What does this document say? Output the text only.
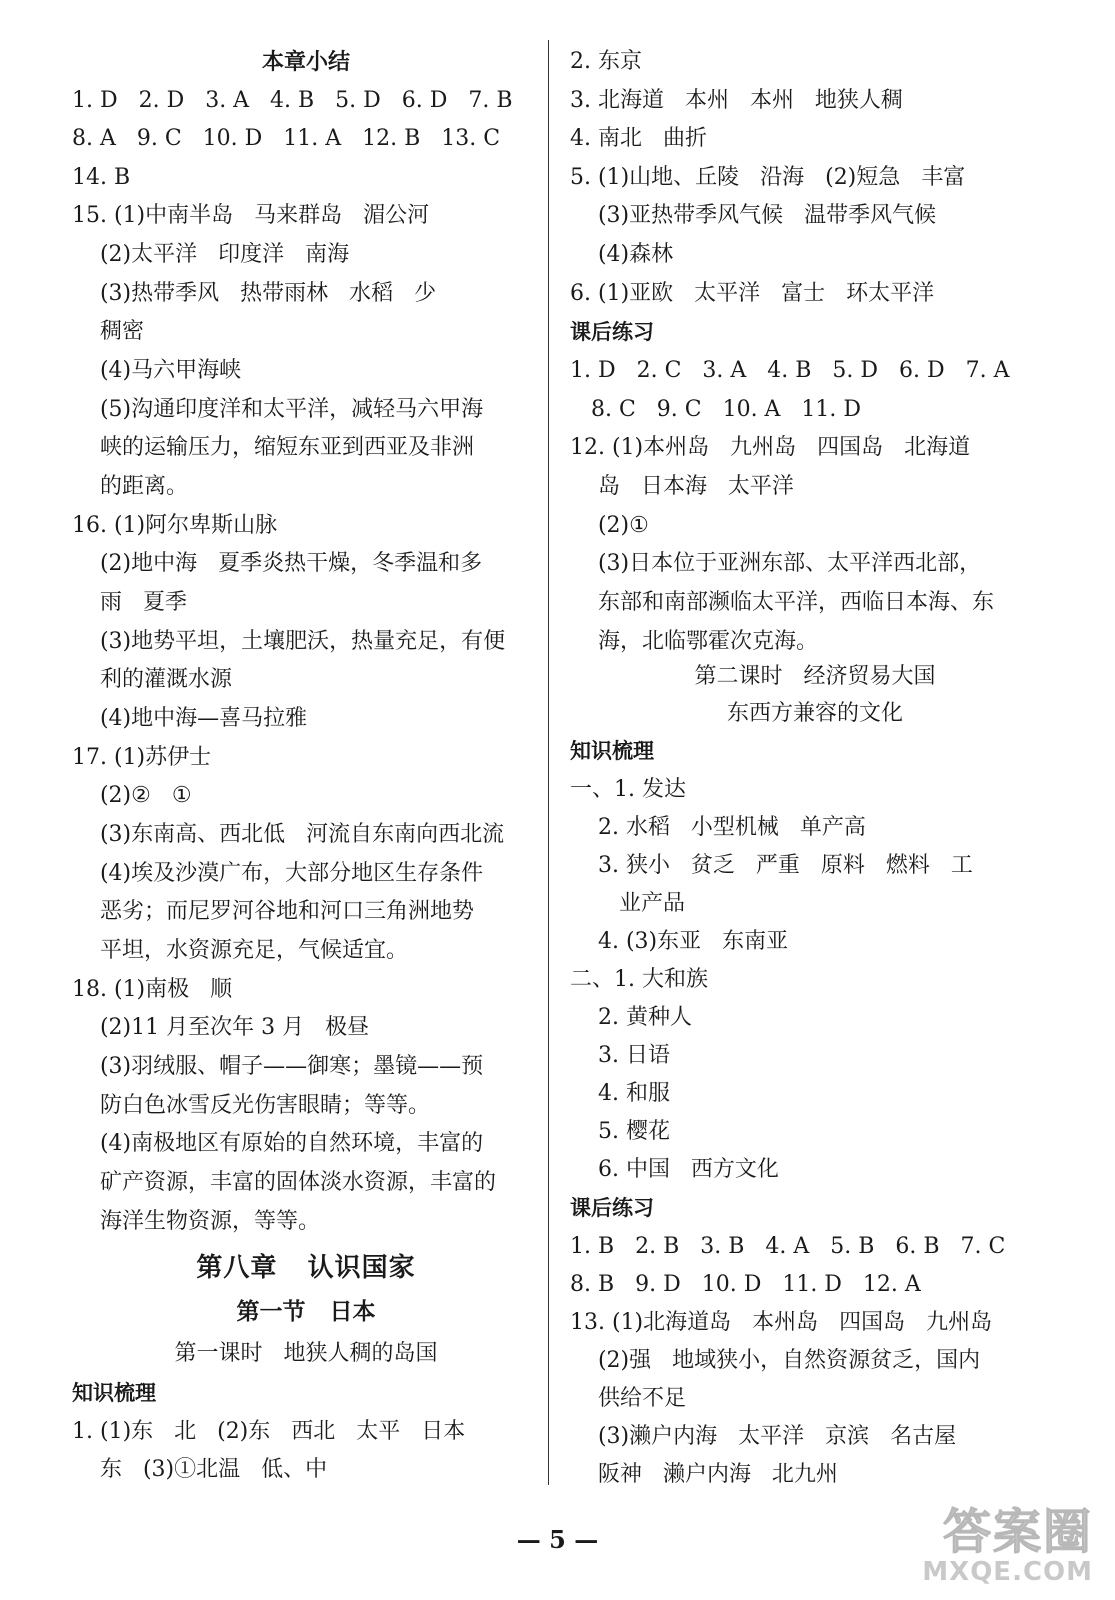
本章小结
1. D   2. D   3. A   4. B   5. D   6. D   7. B
8. A   9. C   10. D   11. A   12. B   13. C
14. B
15. (1)中南半岛   马来群岛   湄公河
(2)太平洋   印度洋   南海
(3)热带季风   热带雨林   水稻   少
稠密
(4)马六甲海峡
(5)沟通印度洋和太平洋，减轻马六甲海
峡的运输压力，缩短东亚到西亚及非洲
的距离。
16. (1)阿尔卑斯山脉
(2)地中海   夏季炎热干燥，冬季温和多
雨   夏季
(3)地势平坦，土壤肥沃，热量充足，有便
利的灌溉水源
(4)地中海—喜马拉雅
17. (1)苏伊士
(2)②   ①
(3)东南高、西北低   河流自东南向西北流
(4)埃及沙漠广布，大部分地区生存条件
恶劣；而尼罗河谷地和河口三角洲地势
平坦，水资源充足，气候适宜。
18. (1)南极   顺
(2)11 月至次年 3 月   极昼
(3)羽绒服、帽子——御寒；墨镜——预
防白色冰雪反光伤害眼睛；等等。
(4)南极地区有原始的自然环境，丰富的
矿产资源，丰富的固体淡水资源，丰富的
海洋生物资源，等等。
第八章   认识国家
第一节   日本
第一课时   地狭人稠的岛国
知识梳理
1. (1)东   北   (2)东   西北   太平   日本
东   (3)①北温   低、中
2. 东京
3. 北海道   本州   本州   地狭人稠
4. 南北   曲折
5. (1)山地、丘陵   沿海   (2)短急   丰富
(3)亚热带季风气候   温带季风气候
(4)森林
6. (1)亚欧   太平洋   富士   环太平洋
课后练习
1. D   2. C   3. A   4. B   5. D   6. D   7. A
8. C   9. C   10. A   11. D
12. (1)本州岛   九州岛   四国岛   北海道
岛   日本海   太平洋
(2)①
(3)日本位于亚洲东部、太平洋西北部，
东部和南部濒临太平洋，西临日本海、东
海，北临鄂霍次克海。
第二课时   经济贸易大国
东西方兼容的文化
知识梳理
一、1. 发达
2. 水稻   小型机械   单产高
3. 狭小   贫乏   严重   原料   燃料   工
业产品
4. (3)东亚   东南亚
二、1. 大和族
2. 黄种人
3. 日语
4. 和服
5. 樱花
6. 中国   西方文化
课后练习
1. B   2. B   3. B   4. A   5. B   6. B   7. C
8. B   9. D   10. D   11. D   12. A
13. (1)北海道岛   本州岛   四国岛   九州岛
(2)强   地域狭小，自然资源贫乏，国内
供给不足
(3)濑户内海   太平洋   京滨   名古屋
阪神   濑户内海   北九州
— 5 —	答案圈
MXQE.COM
